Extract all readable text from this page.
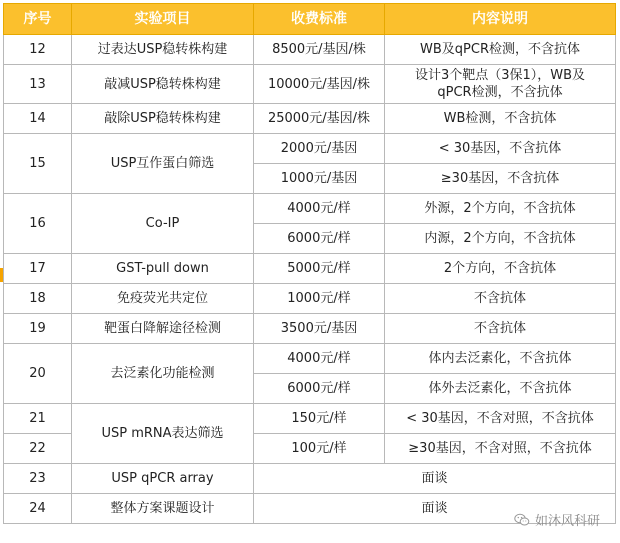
序号	实验项目	收费标准	内容说明
12	过表达USP稳转株构建	8500元/基因/株	WB及qPCR检测，不含抗体
13	敲减USP稳转株构建	10000元/基因/株	设计3个靶点（3保1），WB及
qPCR检测，不含抗体

14	敲除USP稳转株构建	25000元/基因/株	WB检测，不含抗体
15	USP互作蛋白筛选	2000元/基因	< 30基因，不含抗体
		1000元/基因	≥30基因，不含抗体
16	Co-IP	4000元/样	外源，2个方向，不含抗体
		6000元/样	内源，2个方向，不含抗体
17	GST-pull down	5000元/样	2个方向，不含抗体
18	免疫荧光共定位	1000元/样	不含抗体
19	靶蛋白降解途径检测	3500元/基因	不含抗体
20	去泛素化功能检测	4000元/样	体内去泛素化，不含抗体
		6000元/样	体外去泛素化，不含抗体
21	USP mRNA表达筛选	150元/样	< 30基因，不含对照，不含抗体
22		100元/样	≥30基因，不含对照，不含抗体
23	USP qPCR array	面谈	
24	整体方案课题设计	面谈	
如沐风科研
